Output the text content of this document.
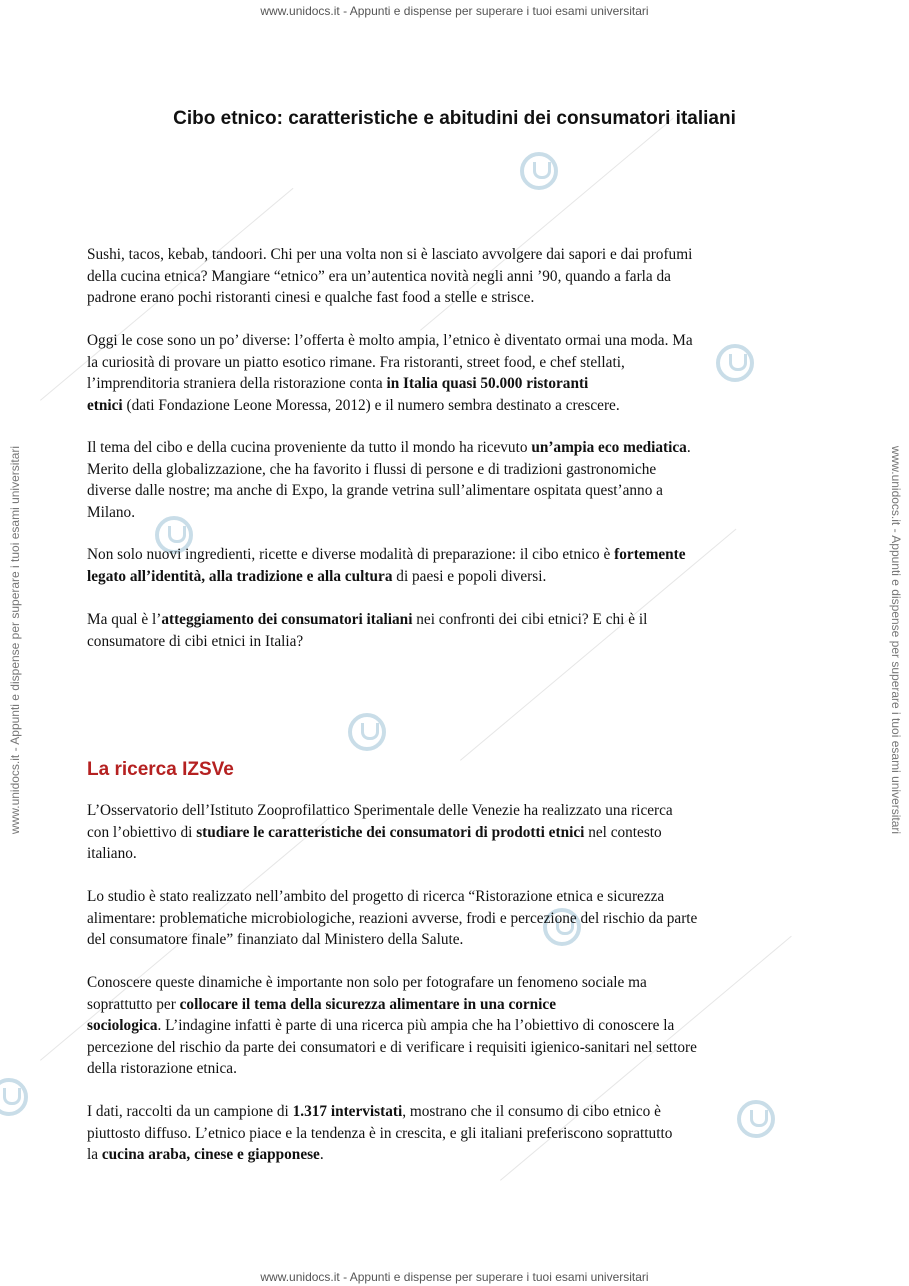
www.unidocs.it - Appunti e dispense per superare i tuoi esami universitari
www.unidocs.it - Appunti e dispense per superare i tuoi esami universitari
www.unidocs.it - Appunti e dispense per superare i tuoi esami universitari	www.unidocs.it - Appunti e dispense per superare i tuoi esami universitari
Cibo etnico: caratteristiche e abitudini dei consumatori italiani
La ricerca IZSVe

Sushi, tacos, kebab, tandoori. Chi per una volta non si è lasciato avvolgere dai sapori e dai profumi
della cucina etnica? Mangiare “etnico” era un’autentica novità negli anni ’90, quando a farla da
padrone erano pochi ristoranti cinesi e qualche fast food a stelle e strisce.

Oggi le cose sono un po’ diverse: l’offerta è molto ampia, l’etnico è diventato ormai una moda. Ma
la curiosità di provare un piatto esotico rimane. Fra ristoranti, street food, e chef stellati,
l’imprenditoria straniera della ristorazione conta in Italia quasi 50.000 ristoranti
etnici (dati Fondazione Leone Moressa, 2012) e il numero sembra destinato a crescere.

Il tema del cibo e della cucina proveniente da tutto il mondo ha ricevuto un’ampia eco mediatica.
Merito della globalizzazione, che ha favorito i flussi di persone e di tradizioni gastronomiche
diverse dalle nostre; ma anche di Expo, la grande vetrina sull’alimentare ospitata quest’anno a
Milano.

Non solo nuovi ingredienti, ricette e diverse modalità di preparazione: il cibo etnico è fortemente
legato all’identità, alla tradizione e alla cultura di paesi e popoli diversi.

Ma qual è l’atteggiamento dei consumatori italiani nei confronti dei cibi etnici? E chi è il
consumatore di cibi etnici in Italia?

L’Osservatorio dell’Istituto Zooprofilattico Sperimentale delle Venezie ha realizzato una ricerca
con l’obiettivo di studiare le caratteristiche dei consumatori di prodotti etnici nel contesto
italiano.

Lo studio è stato realizzato nell’ambito del progetto di ricerca “Ristorazione etnica e sicurezza
alimentare: problematiche microbiologiche, reazioni avverse, frodi e percezione del rischio da parte
del consumatore finale” finanziato dal Ministero della Salute.

Conoscere queste dinamiche è importante non solo per fotografare un fenomeno sociale ma
soprattutto per collocare il tema della sicurezza alimentare in una cornice
sociologica. L’indagine infatti è parte di una ricerca più ampia che ha l’obiettivo di conoscere la
percezione del rischio da parte dei consumatori e di verificare i requisiti igienico-sanitari nel settore
della ristorazione etnica.

I dati, raccolti da un campione di 1.317 intervistati, mostrano che il consumo di cibo etnico è
piuttosto diffuso. L’etnico piace e la tendenza è in crescita, e gli italiani preferiscono soprattutto
la cucina araba, cinese e giapponese.
